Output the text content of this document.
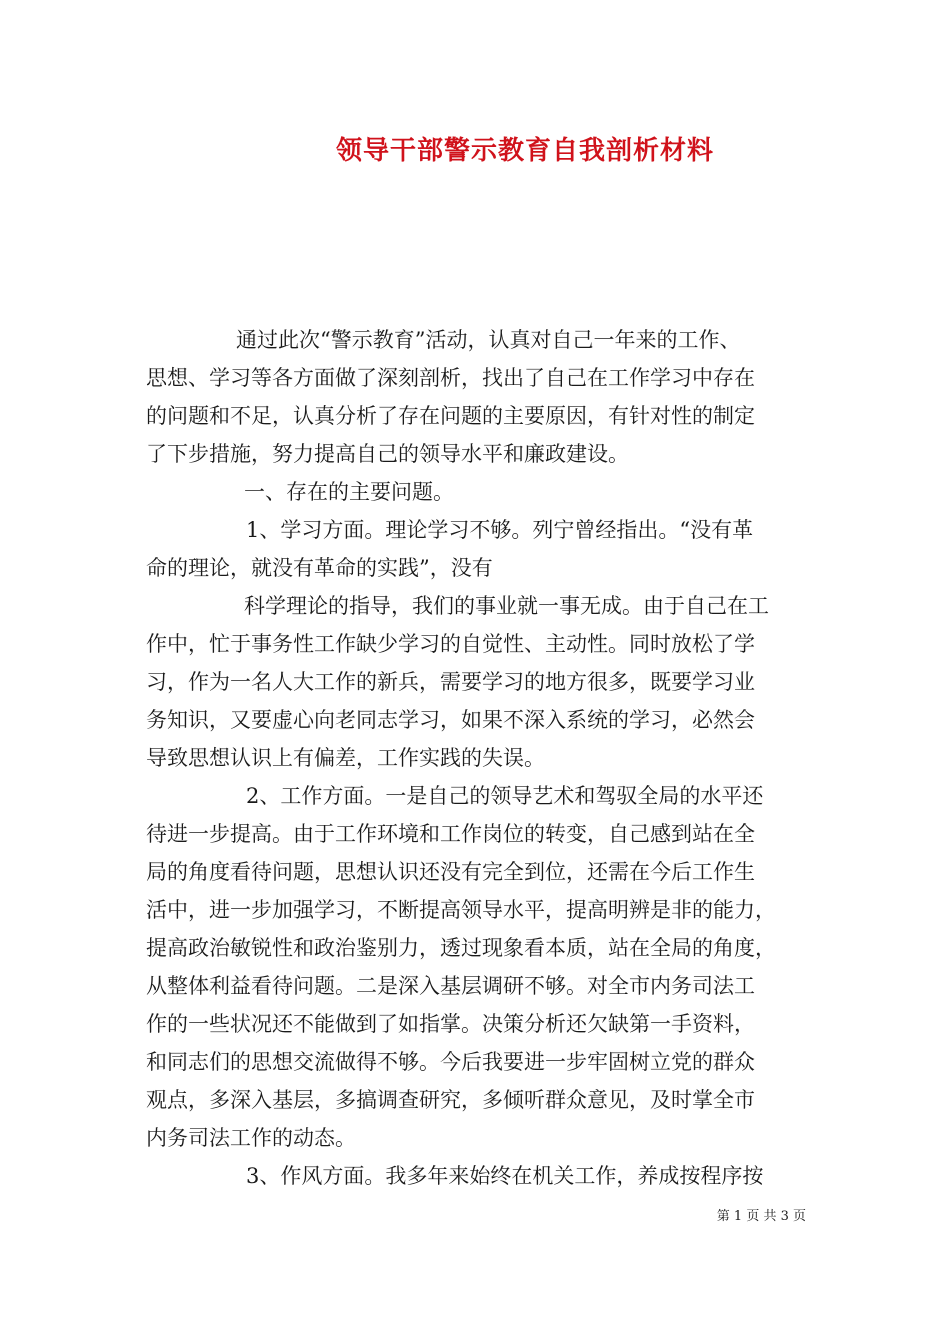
领导干部警示教育自我剖析材料
通过此次“警示教育”活动，认真对自己一年来的工作、
思想、学习等各方面做了深刻剖析，找出了自己在工作学习中存在
的问题和不足，认真分析了存在问题的主要原因，有针对性的制定
了下步措施，努力提高自己的领导水平和廉政建设。
一、存在的主要问题。
1、学习方面。理论学习不够。列宁曾经指出。“没有革
命的理论，就没有革命的实践”，没有
科学理论的指导，我们的事业就一事无成。由于自己在工
作中，忙于事务性工作缺少学习的自觉性、主动性。同时放松了学
习，作为一名人大工作的新兵，需要学习的地方很多，既要学习业
务知识，又要虚心向老同志学习，如果不深入系统的学习，必然会
导致思想认识上有偏差，工作实践的失误。
2、工作方面。一是自己的领导艺术和驾驭全局的水平还
待进一步提高。由于工作环境和工作岗位的转变，自己感到站在全
局的角度看待问题，思想认识还没有完全到位，还需在今后工作生
活中，进一步加强学习，不断提高领导水平，提高明辨是非的能力，
提高政治敏锐性和政治鉴别力，透过现象看本质，站在全局的角度，
从整体利益看待问题。二是深入基层调研不够。对全市内务司法工
作的一些状况还不能做到了如指掌。决策分析还欠缺第一手资料，
和同志们的思想交流做得不够。今后我要进一步牢固树立党的群众
观点，多深入基层，多搞调查研究，多倾听群众意见，及时掌全市
内务司法工作的动态。
3、作风方面。我多年来始终在机关工作，养成按程序按
第 1 页 共 3 页
